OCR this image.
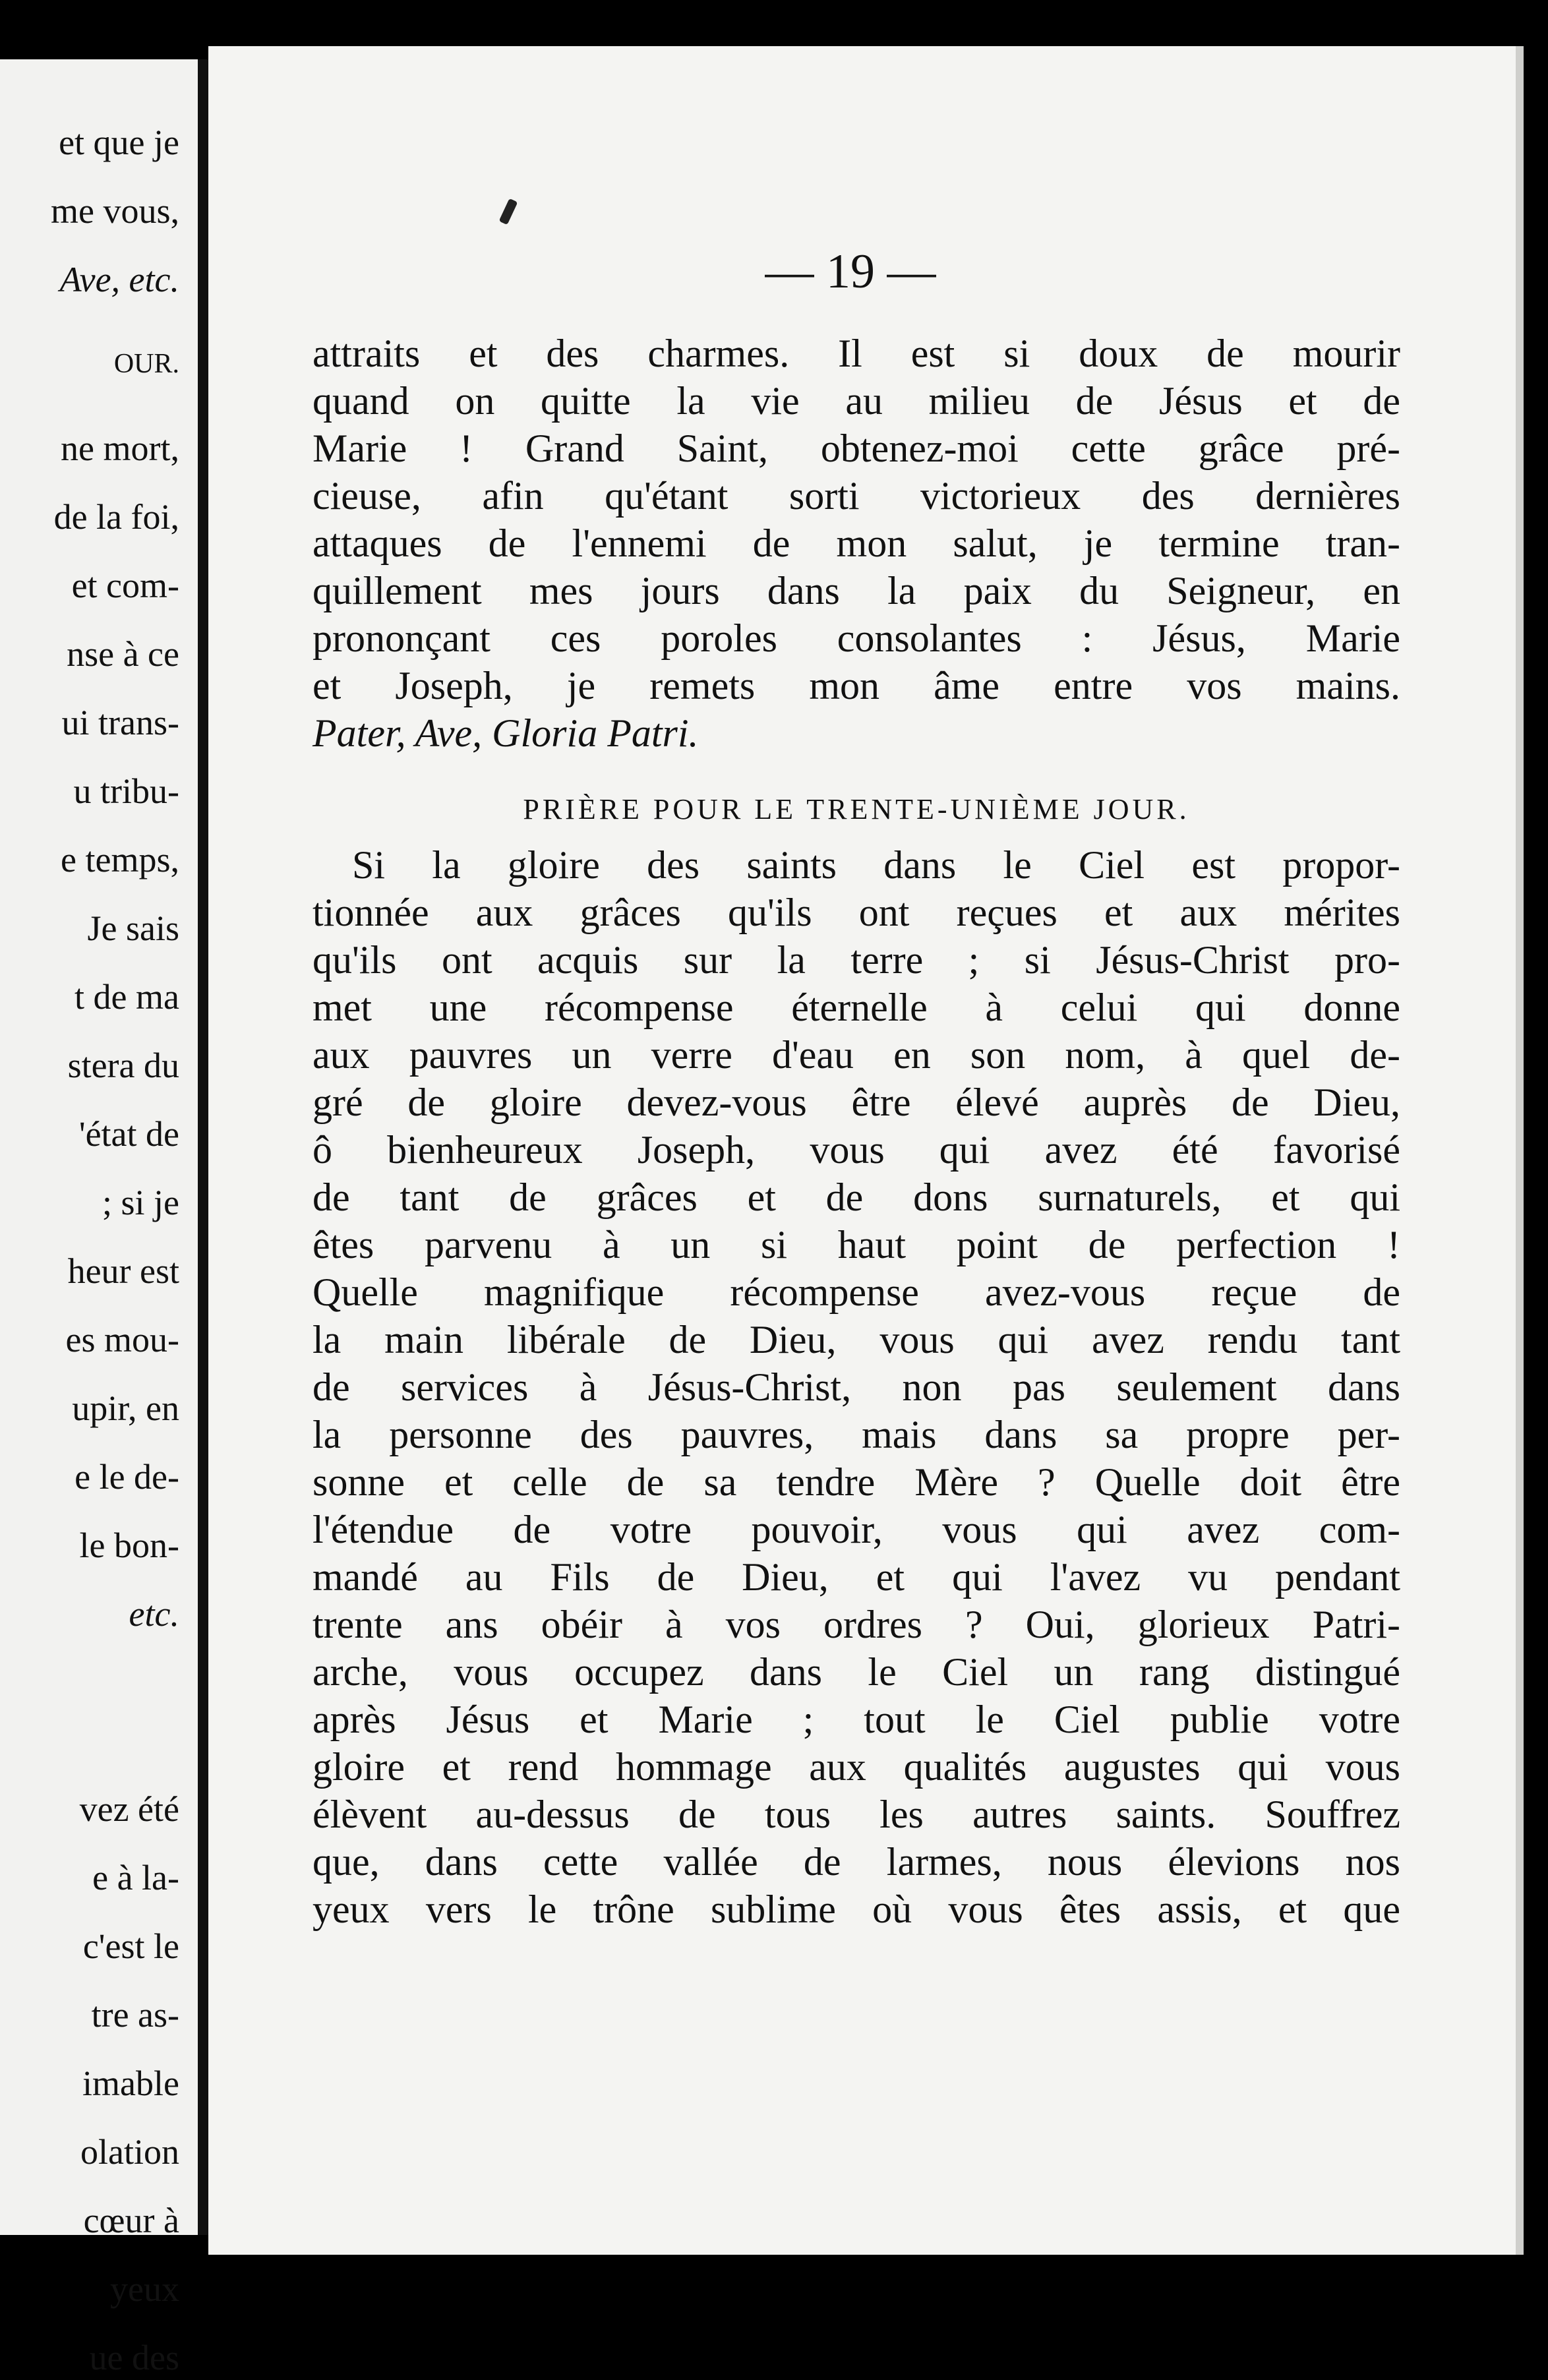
et que je
me vous,
Ave, etc.
OUR.
ne mort,
de la foi,
et com-
nse à ce
ui trans-
u tribu-
e temps,
Je sais
t de ma
stera du
'état de
; si je
heur est
es mou-
upir, en
e le de-
le bon-
etc.
vez été
e à la-
c'est le
tre as-
imable
olation
cœur à
yeux
ue des
— 19 —
attraits et des charmes. Il est si doux de mourir
quand on quitte la vie au milieu de Jésus et de
Marie ! Grand Saint, obtenez-moi cette grâce pré-
cieuse, afin qu'étant sorti victorieux des dernières
attaques de l'ennemi de mon salut, je termine tran-
quillement mes jours dans la paix du Seigneur, en
prononçant ces poroles consolantes : Jésus, Marie
et Joseph, je remets mon âme entre vos mains.
Pater, Ave, Gloria Patri.
PRIÈRE POUR LE TRENTE-UNIÈME JOUR.
Si la gloire des saints dans le Ciel est propor-
tionnée aux grâces qu'ils ont reçues et aux mérites
qu'ils ont acquis sur la terre ; si Jésus-Christ pro-
met une récompense éternelle à celui qui donne
aux pauvres un verre d'eau en son nom, à quel de-
gré de gloire devez-vous être élevé auprès de Dieu,
ô bienheureux Joseph, vous qui avez été favorisé
de tant de grâces et de dons surnaturels, et qui
êtes parvenu à un si haut point de perfection !
Quelle magnifique récompense avez-vous reçue de
la main libérale de Dieu, vous qui avez rendu tant
de services à Jésus-Christ, non pas seulement dans
la personne des pauvres, mais dans sa propre per-
sonne et celle de sa tendre Mère ? Quelle doit être
l'étendue de votre pouvoir, vous qui avez com-
mandé au Fils de Dieu, et qui l'avez vu pendant
trente ans obéir à vos ordres ? Oui, glorieux Patri-
arche, vous occupez dans le Ciel un rang distingué
après Jésus et Marie ; tout le Ciel publie votre
gloire et rend hommage aux qualités augustes qui vous
élèvent au-dessus de tous les autres saints. Souffrez
que, dans cette vallée de larmes, nous élevions nos
yeux vers le trône sublime où vous êtes assis, et que
